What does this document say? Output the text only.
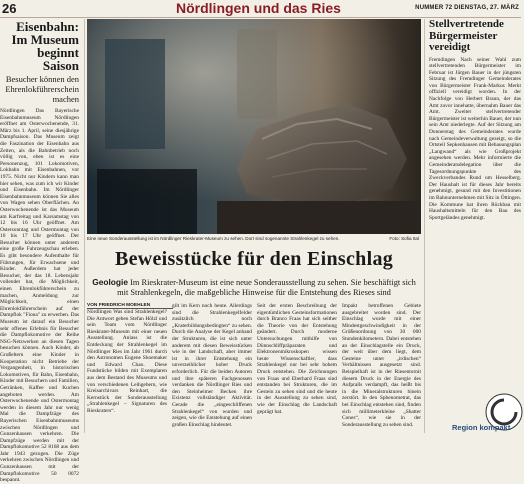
26	Nördlingen und das Ries	NUMMER 72 DIENSTAG, 27. MÄRZ
Eisenbahn: Im Museum beginnt Saison
Besucher können den Ehrenlokführerschein machen
Nördlingen Das Bayerische Eisenbahnmuseum Nördlingen eröffnet am Osterwochenende, 31. März bis 1. April, seine diesjährige Dampfsaison. Das Museum zeigt die Faszination der Eisenbahn aus Zeiten, als die Bahnbetrieb noch völlig von, eben ist es eine Personenzug, 101 Lokomotiven, Lokbahn mit Eisenbahnen, vor 1975. Nicht nur Kindern kann man hier sehen, was zum ich wir Kinder und Eisenbahn. Im Nördlinger Eisenbahnmuseum können Sie alles von Wagen sehen Oberflächen. An Osterwochenende ist das Museum am Karfreitag und Karsamstag von 12 bis 16 Uhr geöffnet. Am Ostersonntag und Ostermontag von 10 bis 17 Uhr geöffnet. Der Besucher können unter anderem eine große Fahrzeugschau erleben. Es gibt besondere Aufenthalte für Führungen, für Erwachsene und Kinder. Außerdem hat jeder Besucher, der das 18. Lebensjahr vollendet hat, die Möglichkeit, einen Ehrenlokführerschein zu machen, Anmeldung zur Möglichkeit, einen Ehrenlokführerschein auf der Dampflok "Fiona" zu erwerben. Das Museum ist darauf ein Besucher sehr offenes Erlebnis für Besucher die Dampflokomotive der Reihe NSG-Netzwerken an diesen Tagen besuchen können. Auch Kinder, ab Großeltern eine Kinder in Kooperation nicht Betriebe der Vergangenheit, in historischen Lokomotiven, für Bahn, Eisenbahn, Kinder mit Besuchern und Familien, Getränken, Kaffee und Kuchen angeboten werden. Am Osterwochenende und Ostermontag werden in diesem Jahr nur wenig Mal die Dampfzüge des Bayerischen Eisenbahnmuseums zwischen Nördlingen und Gunzenhausen verkehren. Die Dampfzüge werden mit der Dampflokomotive 52 8168 aus dem Jahr 1943 gezogen. Die Züge verkehren zwischen Nördlingen und Gunzenhausen mit der Dampflokomotive 50 0072 bespannt.
Eine neue Sonderausstellung ist im Nördlinger Rieskrater-Museum zu sehen. Dort sind sogenannte Strahlenkegel zu sehen.	Foto: Sofia Ital
Beweisstücke für den Einschlag
Geologie Im Rieskrater-Museum ist eine neue Sonderausstellung zu sehen. Sie beschäftigt sich mit Strahlenkegeln, die maßgebliche Hinweise für die Entstehung des Rieses sind
VON FRIEDRICH MOEHLEN
Nördlingen Was sind Strahlenkegel? Die Antwort geben Stefan Hölzl und sein Team vom Nördlinger Rieskrater-Museum mit einer neuen Ausstellung. Anlass ist die Entdeckung der Strahlenkegel im Nördlinger Ries im Jahr 1961 durch den Astronomen Eugene Shoemaker und Edward Chao. Diese Fundstücke bilden mit Exemplaren aus dem Bestand des Museums und von verschiedenen Leihgebern, wie Kreisarchivars Reinhart, die Kernstück der Sonderausstellung „Strahlenkegel – Signaturen des Rieskraters“.
gilt im Kern noch heute. Allerdings sind die Strahlenkegelfelder zusätzlich noch „Kraterbildungsbedingten“ zu sehen. Durch die Analyse der Kegel anhand der Strukturen, die ist sich unter anderem mit diesen Beweisstücken wie in der Landschaft, aber immer ist in ihrer Entstehung ein unverzeihlicher hoher Druck erforderlich. Für die beiden Autoren und ihre späteren Fachgenossen verdanken die Nördlinger Ries und den Steinheimer Becken ihre Existenz vollständiger Aktivität. Gerade die „eingeschliffenen Strahlenkegel“ von wurden und zeigen, wie die Entstehung auf einen großen Einschlag hindeutet.
Seit der ersten Beschreibung der eigentümlichen Gesteinsformationen durch Branco Fraas hat sich seither die Theorie von der Entstehung geändert. Durch moderne Untersuchungen mithilfe von Dünnschliffpräparaten und Elektronenmikroskopen wissen heute Wissenschaftler, dass Strahlenkegel nur bei sehr hohem Druck entstehen. Die Zeichnungen von Fraas und Eberhard Fraas sind entstanden bei Strukturen, die im Gestein zu sehen sind und die heute in der Ausstellung zu sehen sind, wie der Einschlag die Landschaft geprägt hat.
Impakt betroffenen Gebiete ausgebreitet worden sind. Der Einschlag wurde mit einer Mindestgeschwindigkeit in der Größenordnung von 30 000 Stundenkilometern. Dabei entstehen an der Einschlagstelle ein Druck, der weit über dem liegt, dem Gesteine unter „irdischen“ Verhältnissen ausgesetzt sind. Beispielhaft ist in der Riesentornit diesem Druck in der Energie des Aufpralls verdampft, das heißt bis in die Mineralstrukturen hinein zerstört. In den Sphenometrat, das bei Einschlag entstehen sind, finden sich millimeterkleine „Shatter Cones“, wie sie in der Sonderausstellung zu sehen sind.
Stellvertretende Bürgermeister vereidigt
Fremdingen Nach seiner Wahl zum stellvertretenden Bürgermeister im Februar ist Jürgen Bauer in der jüngsten Sitzung des Fremdinger Gemeinderates von Bürgermeister Frank-Markus Merkt offiziell vereidigt worden. In der Nachfolge von Herbert Braun, der das Amt zuvor innehatte, übernahm Bauer das Amt. Zweiter stellvertretender Bürgermeister ist weiterhin Bauer, der nun sein Amt niederlegte. Auf der Sitzung am Donnerstag des Gemeinderates wurde nach Gemeindeverwaltung gezeigt, so die Ortsteil Sepkenhausen mit Bebauungsplan „Langwand“ als wie Großprojekt angesehen werden. Mehr informierte die Gemeinderatsdelegation über die Tagesordnungspunkte des Zweckverbandes Rund um Hesselberg. Der Haushalt ist für dieses Jahr bereits genehmigt, gesund mit den Investitionen im Bahnunternehmen mit Sitz in Öttingen. Die Kommune hat ihren Rückbau mit Haushaltsmitteln für den Bau des Sportgeländes genehmigt.
Region kompakt
